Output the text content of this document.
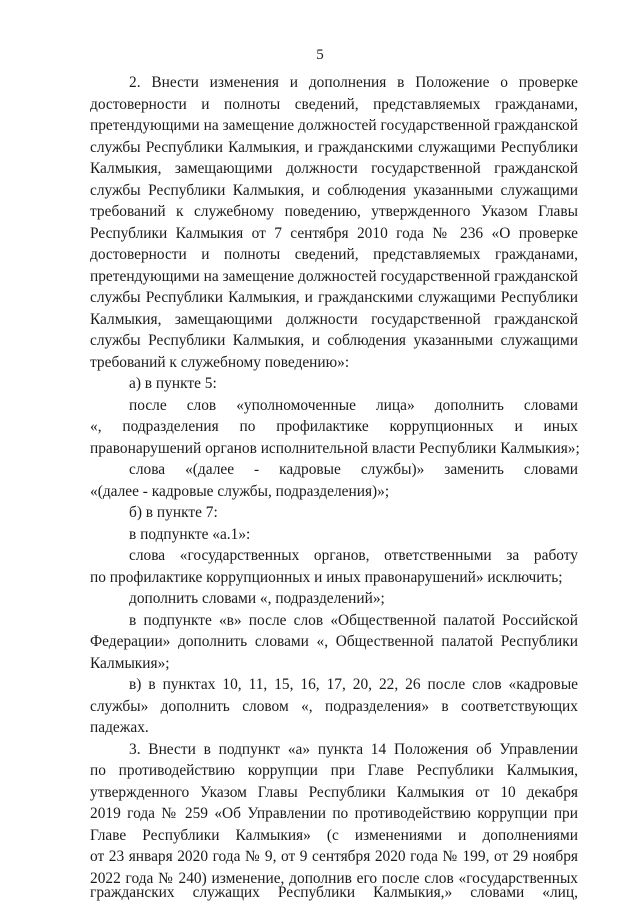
5
2. Внести изменения и дополнения в Положение о проверке
достоверности и полноты сведений, представляемых гражданами,
претендующими на замещение должностей государственной гражданской
службы Республики Калмыкия, и гражданскими служащими Республики
Калмыкия, замещающими должности государственной гражданской
службы Республики Калмыкия, и соблюдения указанными служащими
требований к служебному поведению, утвержденного Указом Главы
Республики Калмыкия от 7 сентября 2010 года № 236 «О проверке
достоверности и полноты сведений, представляемых гражданами,
претендующими на замещение должностей государственной гражданской
службы Республики Калмыкия, и гражданскими служащими Республики
Калмыкия, замещающими должности государственной гражданской
службы Республики Калмыкия, и соблюдения указанными служащими
требований к служебному поведению»:
а) в пункте 5:
после слов «уполномоченные лица» дополнить словами
«, подразделения по профилактике коррупционных и иных
правонарушений органов исполнительной власти Республики Калмыкия»;
слова «(далее - кадровые службы)» заменить словами
«(далее - кадровые службы, подразделения)»;
б) в пункте 7:
в подпункте «а.1»:
слова «государственных органов, ответственными за работу
по профилактике коррупционных и иных правонарушений» исключить;
дополнить словами «, подразделений»;
в подпункте «в» после слов «Общественной палатой Российской
Федерации» дополнить словами «, Общественной палатой Республики
Калмыкия»;
в) в пунктах 10, 11, 15, 16, 17, 20, 22, 26 после слов «кадровые
службы» дополнить словом «, подразделения» в соответствующих
падежах.
3. Внести в подпункт «а» пункта 14 Положения об Управлении
по противодействию коррупции при Главе Республики Калмыкия,
утвержденного Указом Главы Республики Калмыкия от 10 декабря
2019 года № 259 «Об Управлении по противодействию коррупции при
Главе Республики Калмыкия» (с изменениями и дополнениями
от 23 января 2020 года № 9, от 9 сентября 2020 года № 199, от 29 ноября
2022 года № 240) изменение, дополнив его после слов «государственных
гражданских служащих Республики Калмыкия,» словами «лиц,
